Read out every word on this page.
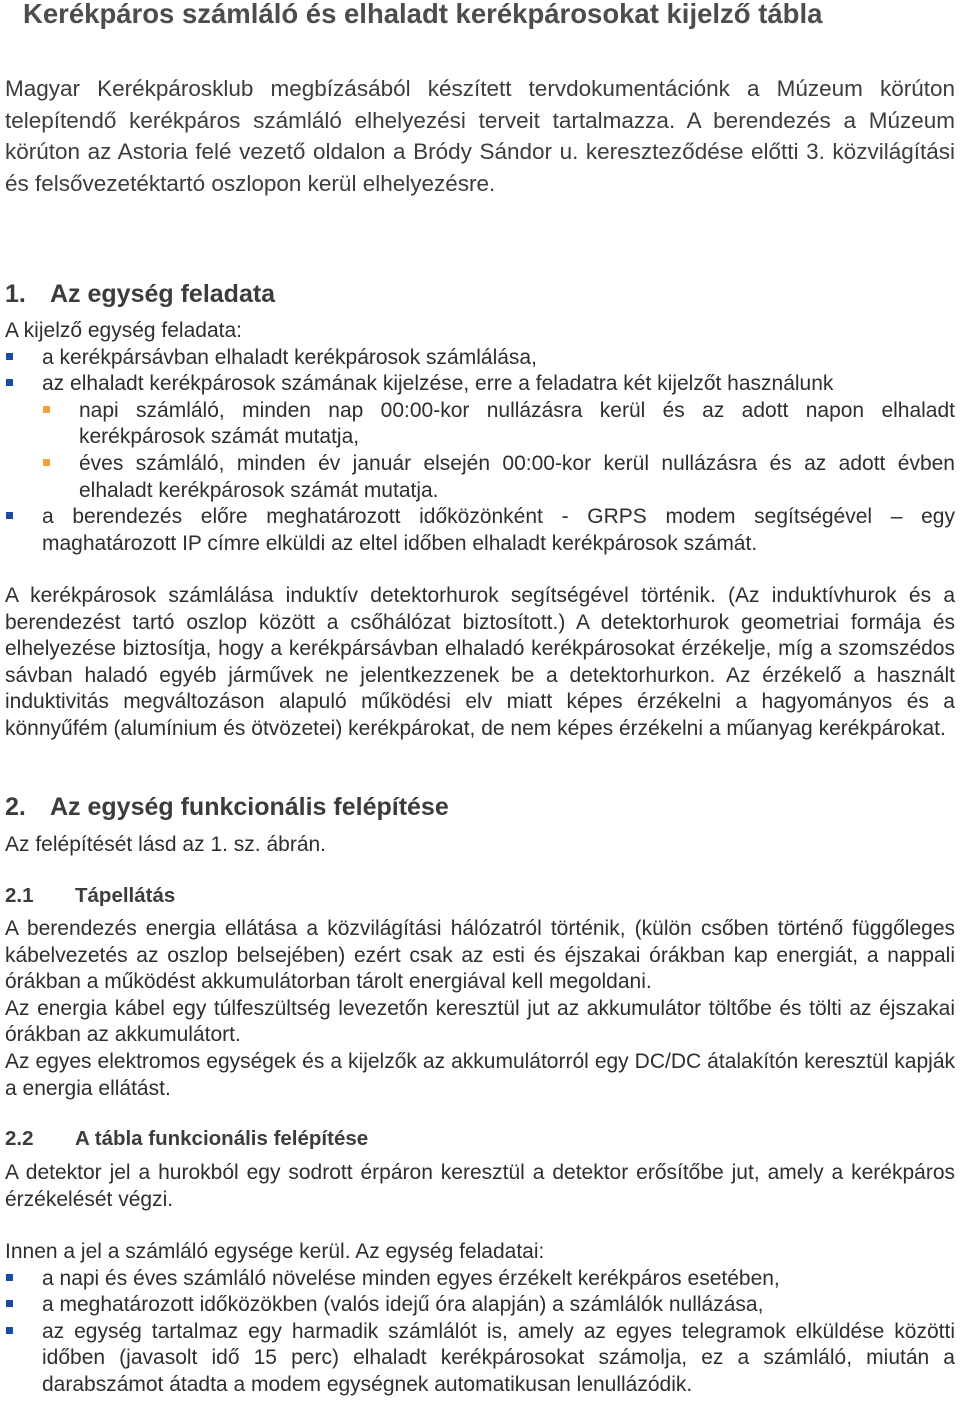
Kerékpáros számláló és elhaladt kerékpárosokat kijelző tábla

Magyar Kerékpárosklub megbízásából készített tervdokumentációnk a Múzeum körúton telepítendő kerékpáros számláló elhelyezési terveit tartalmazza. A berendezés a Múzeum körúton az Astoria felé vezető oldalon a Bródy Sándor u. kereszteződése előtti 3. közvilágítási és felsővezetéktartó oszlopon kerül elhelyezésre.

1. Az egység feladata

A kijelző egység feladata:

a kerékpársávban elhaladt kerékpárosok számlálása,
az elhaladt kerékpárosok számának kijelzése, erre a feladatra két kijelzőt használunk
napi számláló, minden nap 00:00-kor nullázásra kerül és az adott napon elhaladt kerékpárosok számát mutatja,
éves számláló, minden év január elsején 00:00-kor kerül nullázásra és az adott évben elhaladt kerékpárosok számát mutatja.
a berendezés előre meghatározott időközönként - GRPS modem segítségével – egy maghatározott IP címre elküldi az eltel időben elhaladt kerékpárosok számát.

A kerékpárosok számlálása induktív detektorhurok segítségével történik. (Az induktívhurok és a berendezést tartó oszlop között a csőhálózat biztosított.) A detektorhurok geometriai formája és elhelyezése biztosítja, hogy a kerékpársávban elhaladó kerékpárosokat érzékelje, míg a szomszédos sávban haladó egyéb járművek ne jelentkezzenek be a detektorhurkon. Az érzékelő a használt induktivitás megváltozáson alapuló működési elv miatt képes érzékelni a hagyományos és a könnyűfém (alumínium és ötvözetei) kerékpárokat, de nem képes érzékelni a műanyag kerékpárokat.

2. Az egység funkcionális felépítése

Az felépítését lásd az 1. sz. ábrán.

2.1 Tápellátás

A berendezés energia ellátása a közvilágítási hálózatról történik, (külön csőben történő függőleges kábelvezetés az oszlop belsejében) ezért csak az esti és éjszakai órákban kap energiát, a nappali órákban a működést akkumulátorban tárolt energiával kell megoldani.

Az energia kábel egy túlfeszültség levezetőn keresztül jut az akkumulátor töltőbe és tölti az éjszakai órákban az akkumulátort.

Az egyes elektromos egységek és a kijelzők az akkumulátorról egy DC/DC átalakítón keresztül kapják a energia ellátást.

2.2 A tábla funkcionális felépítése

A detektor jel a hurokból egy sodrott érpáron keresztül a detektor erősítőbe jut, amely a kerékpáros érzékelését végzi.

Innen a jel a számláló egysége kerül. Az egység feladatai:

a napi és éves számláló növelése minden egyes érzékelt kerékpáros esetében,
a meghatározott időközökben (valós idejű óra alapján) a számlálók nullázása,
az egység tartalmaz egy harmadik számlálót is, amely az egyes telegramok elküldése közötti időben (javasolt idő 15 perc) elhaladt kerékpárosokat számolja, ez a számláló, miután a darabszámot átadta a modem egységnek automatikusan lenullázódik.
